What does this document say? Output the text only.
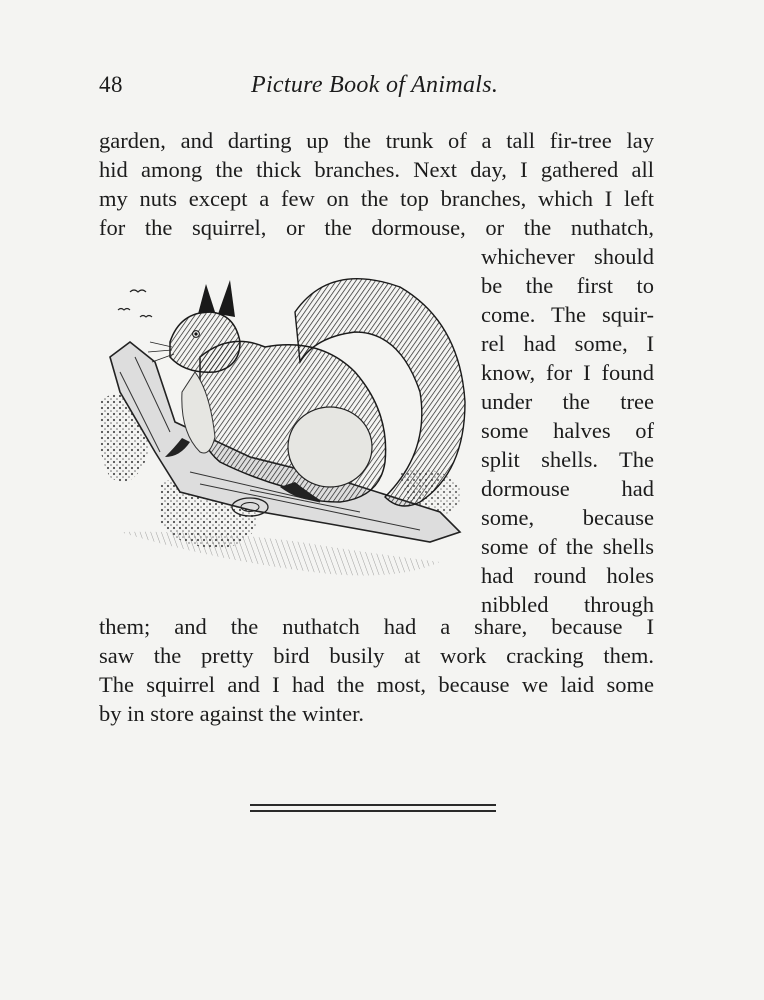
48	Picture Book of Animals.
garden, and darting up the trunk of a tall fir-tree lay
hid among the thick branches. Next day, I gathered all
my nuts except a few on the top branches, which I left
for the squirrel, or the dormouse, or the nuthatch,
whichever should
be the first to
come. The squir-
rel had some, I
know, for I found
under the tree
some halves of
split shells. The
dormouse had
some, because
some of the shells
had round holes
nibbled through
them; and the nuthatch had a share, because I
saw the pretty bird busily at work cracking them.
The squirrel and I had the most, because we laid some
by in store against the winter.
